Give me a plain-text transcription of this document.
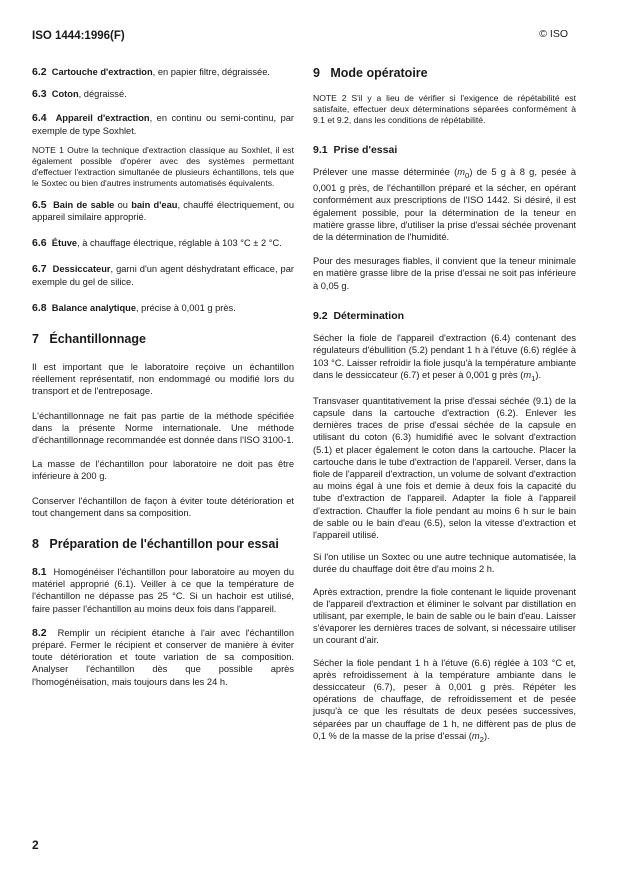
ISO 1444:1996(F)	© ISO

6.2 Cartouche d'extraction, en papier filtre, dégraissée.

6.3 Coton, dégraissé.

6.4 Appareil d'extraction, en continu ou semi-continu, par exemple de type Soxhlet.

NOTE 1 Outre la technique d'extraction classique au Soxhlet, il est également possible d'opérer avec des systèmes permettant d'effectuer l'extraction simultanée de plusieurs échantillons, tels que le Soxtec ou bien d'autres instruments automatisés équivalents.

6.5 Bain de sable ou bain d'eau, chauffé électriquement, ou appareil similaire approprié.

6.6 Étuve, à chauffage électrique, réglable à 103 °C ± 2 °C.

6.7 Dessiccateur, garni d'un agent déshydratant efficace, par exemple du gel de silice.

6.8 Balance analytique, précise à 0,001 g près.

7 Échantillonnage

Il est important que le laboratoire reçoive un échantillon réellement représentatif, non endommagé ou modifié lors du transport et de l'entreposage.

L'échantillonnage ne fait pas partie de la méthode spécifiée dans la présente Norme internationale. Une méthode d'échantillonnage recommandée est donnée dans l'ISO 3100-1.

La masse de l'échantillon pour laboratoire ne doit pas être inférieure à 200 g.

Conserver l'échantillon de façon à éviter toute détérioration et tout changement dans sa composition.

8 Préparation de l'échantillon pour essai

8.1 Homogénéiser l'échantillon pour laboratoire au moyen du matériel approprié (6.1). Veiller à ce que la température de l'échantillon ne dépasse pas 25 °C. Si un hachoir est utilisé, faire passer l'échantillon au moins deux fois dans l'appareil.

8.2 Remplir un récipient étanche à l'air avec l'échantillon préparé. Fermer le récipient et conserver de manière à éviter toute détérioration et toute variation de sa composition. Analyser l'échantillon dès que possible après l'homogénéisation, mais toujours dans les 24 h.

9 Mode opératoire

NOTE 2 S'il y a lieu de vérifier si l'exigence de répétabilité est satisfaite, effectuer deux déterminations séparées conformément à 9.1 et 9.2, dans les conditions de répétabilité.

9.1 Prise d'essai

Prélever une masse déterminée $(m_0)$ de 5 g à 8 g, pesée à 0,001 g près, de l'échantillon préparé et la sécher, en opérant conformément aux prescriptions de l'ISO 1442. Si désiré, il est également possible, pour la détermination de la teneur en matière grasse libre, d'utiliser la prise d'essai séchée provenant de la détermination de l'humidité.

Pour des mesurages fiables, il convient que la teneur minimale en matière grasse libre de la prise d'essai ne soit pas inférieure à 0,05 g.

9.2 Détermination

Sécher la fiole de l'appareil d'extraction (6.4) contenant des régulateurs d'ébullition (5.2) pendant 1 h à l'étuve (6.6) réglée à 103 °C. Laisser refroidir la fiole jusqu'à la température ambiante dans le dessiccateur (6.7) et peser à 0,001 g près $(m_1)$.

Transvaser quantitativement la prise d'essai séchée (9.1) de la capsule dans la cartouche d'extraction (6.2). Enlever les dernières traces de prise d'essai séchée de la capsule en utilisant du coton (6.3) humidifié avec le solvant d'extraction (5.1) et placer également le coton dans la cartouche. Placer la cartouche dans le tube d'extraction de l'appareil. Verser, dans la fiole de l'appareil d'extraction, un volume de solvant d'extraction au moins égal à une fois et demie à deux fois la capacité du tube d'extraction de l'appareil. Adapter la fiole à l'appareil d'extraction. Chauffer la fiole pendant au moins 6 h sur le bain de sable ou le bain d'eau (6.5), selon la vitesse d'extraction et l'appareil utilisé.

Si l'on utilise un Soxtec ou une autre technique automatisée, la durée du chauffage doit être d'au moins 2 h.

Après extraction, prendre la fiole contenant le liquide provenant de l'appareil d'extraction et éliminer le solvant par distillation en utilisant, par exemple, le bain de sable ou le bain d'eau. Laisser s'évaporer les dernières traces de solvant, si nécessaire utiliser un courant d'air.

Sécher la fiole pendant 1 h à l'étuve (6.6) réglée à 103 °C et, après refroidissement à la température ambiante dans le dessiccateur (6.7), peser à 0,001 g près. Répéter les opérations de chauffage, de refroidissement et de pesée jusqu'à ce que les résultats de deux pesées successives, séparées par un chauffage de 1 h, ne diffèrent pas de plus de 0,1 % de la masse de la prise d'essai $(m_2)$.

2
